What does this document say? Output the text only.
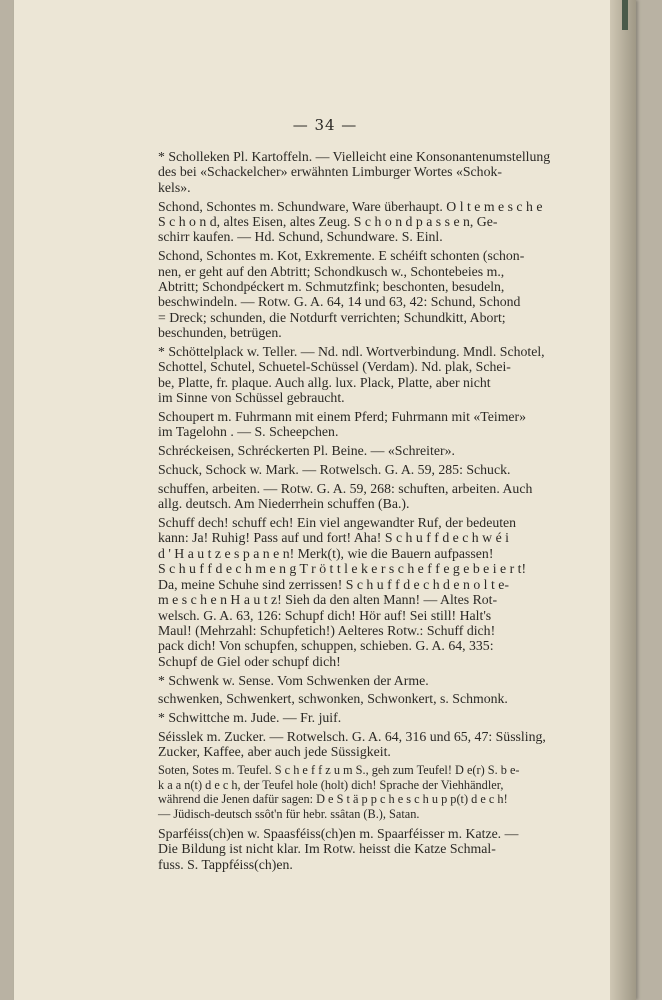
— 34 —
* Scholleken Pl. Kartoffeln. — Vielleicht eine Konsonantenumstellung
des bei «Schackelcher» erwähnten Limburger Wortes «Schok-
kels».
Schond, Schontes m. Schundware, Ware überhaupt. O l t e m e s c h e
S c h o n d, altes Eisen, altes Zeug. S c h o n d p a s s e n, Ge-
schirr kaufen. — Hd. Schund, Schundware. S. Einl.
Schond, Schontes m. Kot, Exkremente. E schéift schonten (schon-
nen, er geht auf den Abtritt; Schondkusch w., Schontebeies m.,
Abtritt; Schondpéckert m. Schmutzfink; beschonten, besudeln,
beschwindeln. — Rotw. G. A. 64, 14 und 63, 42: Schund, Schond
= Dreck; schunden, die Notdurft verrichten; Schundkitt, Abort;
beschunden, betrügen.
* Schöttelplack w. Teller. — Nd. ndl. Wortverbindung. Mndl. Schotel,
Schottel, Schutel, Schuetel-Schüssel (Verdam). Nd. plak, Schei-
be, Platte, fr. plaque. Auch allg. lux. Plack, Platte, aber nicht
im Sinne von Schüssel gebraucht.
Schoupert m. Fuhrmann mit einem Pferd; Fuhrmann mit «Teimer»
im Tagelohn . — S. Scheepchen.
Schréckeisen, Schréckerten Pl. Beine. — «Schreiter».
Schuck, Schock w. Mark. — Rotwelsch. G. A. 59, 285: Schuck.
schuffen, arbeiten. — Rotw. G. A. 59, 268: schuften, arbeiten. Auch
allg. deutsch. Am Niederrhein schuffen (Ba.).
Schuff dech! schuff ech! Ein viel angewandter Ruf, der bedeuten
kann: Ja! Ruhig! Pass auf und fort! Aha! S c h u f f d e c h w é i
d ' H a u t z e s p a n e n! Merk(t), wie die Bauern aufpassen!
S c h u f f d e c h m e n g T r ö t t l e k e r s c h e f f e g e b e i e r t!
Da, meine Schuhe sind zerrissen! S c h u f f d e c h d e n o l t e-
m e s c h e n H a u t z! Sieh da den alten Mann! — Altes Rot-
welsch. G. A. 63, 126: Schupf dich! Hör auf! Sei still! Halt's
Maul! (Mehrzahl: Schupfetich!) Aelteres Rotw.: Schuff dich!
pack dich! Von schupfen, schuppen, schieben. G. A. 64, 335:
Schupf de Giel oder schupf dich!
* Schwenk w. Sense. Vom Schwenken der Arme.
schwenken, Schwenkert, schwonken, Schwonkert, s. Schmonk.
* Schwittche m. Jude. — Fr. juif.
Séisslek m. Zucker. — Rotwelsch. G. A. 64, 316 und 65, 47: Süssling,
Zucker, Kaffee, aber auch jede Süssigkeit.
Soten, Sotes m. Teufel. S c h e f f z u m S., geh zum Teufel! D e(r) S. b e-
k a a n(t) d e c h, der Teufel hole (holt) dich! Sprache der Viehhändler,
während die Jenen dafür sagen: D e S t ä p p c h e s c h u p p(t) d e c h!
— Jüdisch-deutsch ssôt'n für hebr. ssâtan (B.), Satan.
Sparféiss(ch)en w. Spaasféiss(ch)en m. Spaarféisser m. Katze. —
Die Bildung ist nicht klar. Im Rotw. heisst die Katze Schmal-
fuss. S. Tappféiss(ch)en.
